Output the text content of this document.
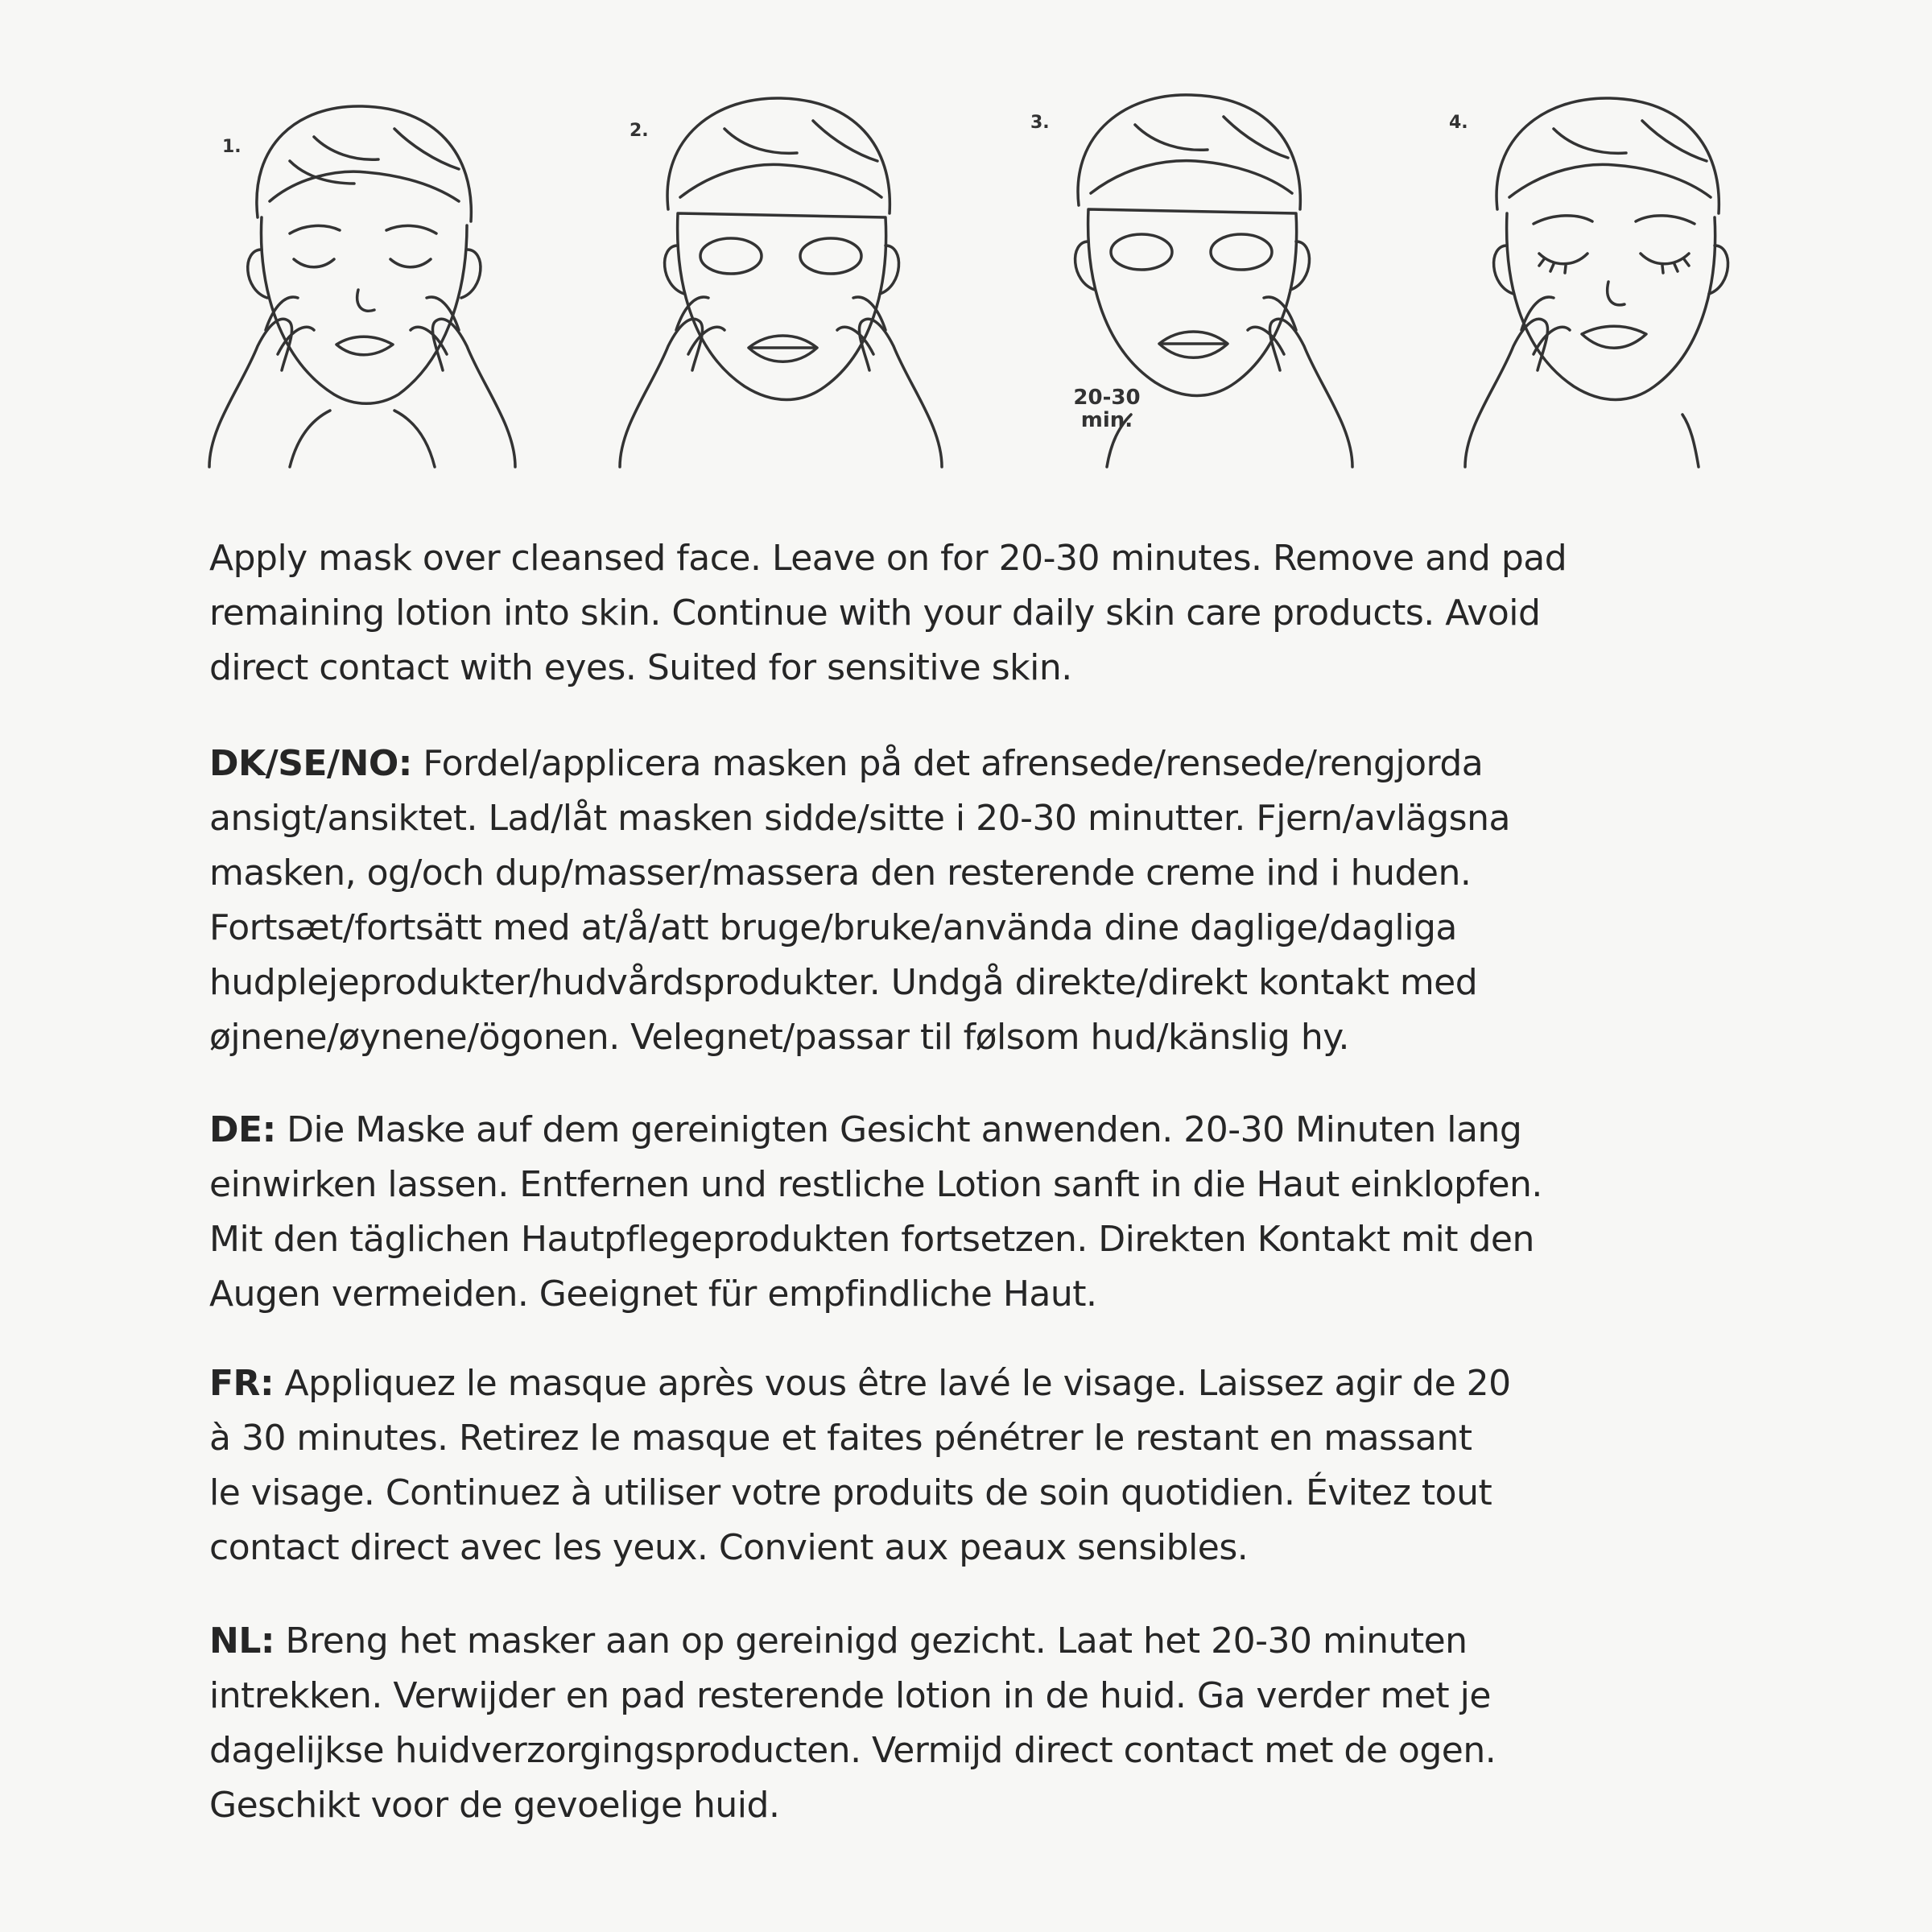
1.
2.	3.
20-30
min.
4.
Apply mask over cleansed face. Leave on for 20-30 minutes. Remove and pad
remaining lotion into skin. Continue with your daily skin care products. Avoid
direct contact with eyes. Suited for sensitive skin.
DK/SE/NO: Fordel/applicera masken på det afrensede/rensede/rengjorda
ansigt/ansiktet. Lad/låt masken sidde/sitte i 20-30 minutter. Fjern/avlägsna
masken, og/och dup/masser/massera den resterende creme ind i huden.
Fortsæt/fortsätt med at/å/att bruge/bruke/använda dine daglige/dagliga
hudplejeprodukter/hudvårdsprodukter. Undgå direkte/direkt kontakt med
øjnene/øynene/ögonen. Velegnet/passar til følsom hud/känslig hy.
DE: Die Maske auf dem gereinigten Gesicht anwenden. 20-30 Minuten lang
einwirken lassen. Entfernen und restliche Lotion sanft in die Haut einklopfen.
Mit den täglichen Hautpflegeprodukten fortsetzen. Direkten Kontakt mit den
Augen vermeiden. Geeignet für empfindliche Haut.
FR: Appliquez le masque après vous être lavé le visage. Laissez agir de 20
à 30 minutes. Retirez le masque et faites pénétrer le restant en massant
le visage. Continuez à utiliser votre produits de soin quotidien. Évitez tout
contact direct avec les yeux. Convient aux peaux sensibles.
NL: Breng het masker aan op gereinigd gezicht. Laat het 20-30 minuten
intrekken. Verwijder en pad resterende lotion in de huid. Ga verder met je
dagelijkse huidverzorgingsproducten. Vermijd direct contact met de ogen.
Geschikt voor de gevoelige huid.
